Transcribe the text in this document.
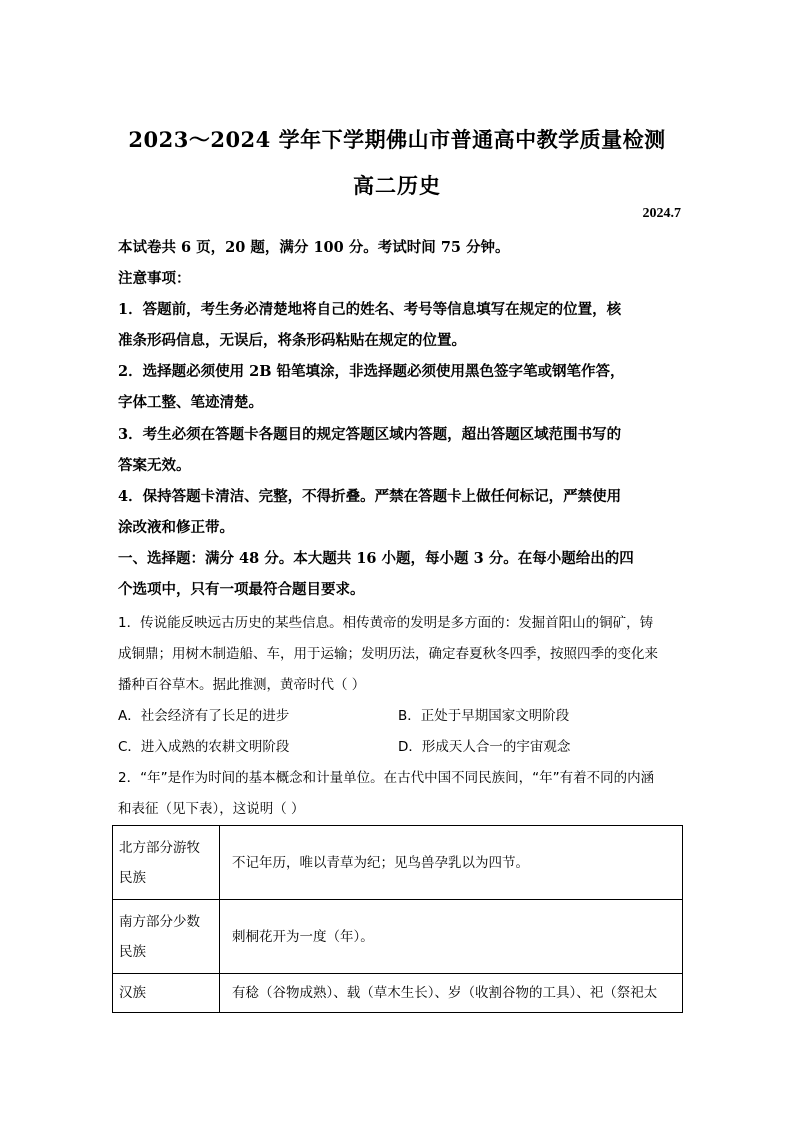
2023～2024 学年下学期佛山市普通高中教学质量检测
高二历史
2024.7
本试卷共 6 页，20 题，满分 100 分。考试时间 75 分钟。
注意事项：
1．答题前，考生务必清楚地将自己的姓名、考号等信息填写在规定的位置，核
准条形码信息，无误后，将条形码粘贴在规定的位置。
2．选择题必须使用 2B 铅笔填涂，非选择题必须使用黑色签字笔或钢笔作答，
字体工整、笔迹清楚。
3．考生必须在答题卡各题目的规定答题区域内答题，超出答题区域范围书写的
答案无效。
4．保持答题卡清洁、完整，不得折叠。严禁在答题卡上做任何标记，严禁使用
涂改液和修正带。
一、选择题：满分 48 分。本大题共 16 小题，每小题 3 分。在每小题给出的四
个选项中，只有一项最符合题目要求。
1．传说能反映远古历史的某些信息。相传黄帝的发明是多方面的：发掘首阳山的铜矿，铸
成铜鼎；用树木制造船、车，用于运输；发明历法，确定春夏秋冬四季，按照四季的变化来
播种百谷草木。据此推测，黄帝时代（ ）
A．社会经济有了长足的进步	B．正处于早期国家文明阶段
C．进入成熟的农耕文明阶段	D．形成天人合一的宇宙观念
2．“年”是作为时间的基本概念和计量单位。在古代中国不同民族间，“年”有着不同的内涵
和表征（见下表），这说明（ ）
北方部分游牧
民族	不记年历，唯以青草为纪；见鸟兽孕乳以为四节。

南方部分少数
民族	刺桐花开为一度（年）。

汉族	有稔（谷物成熟）、载（草木生长）、岁（收割谷物的工具）、祀（祭祀太
